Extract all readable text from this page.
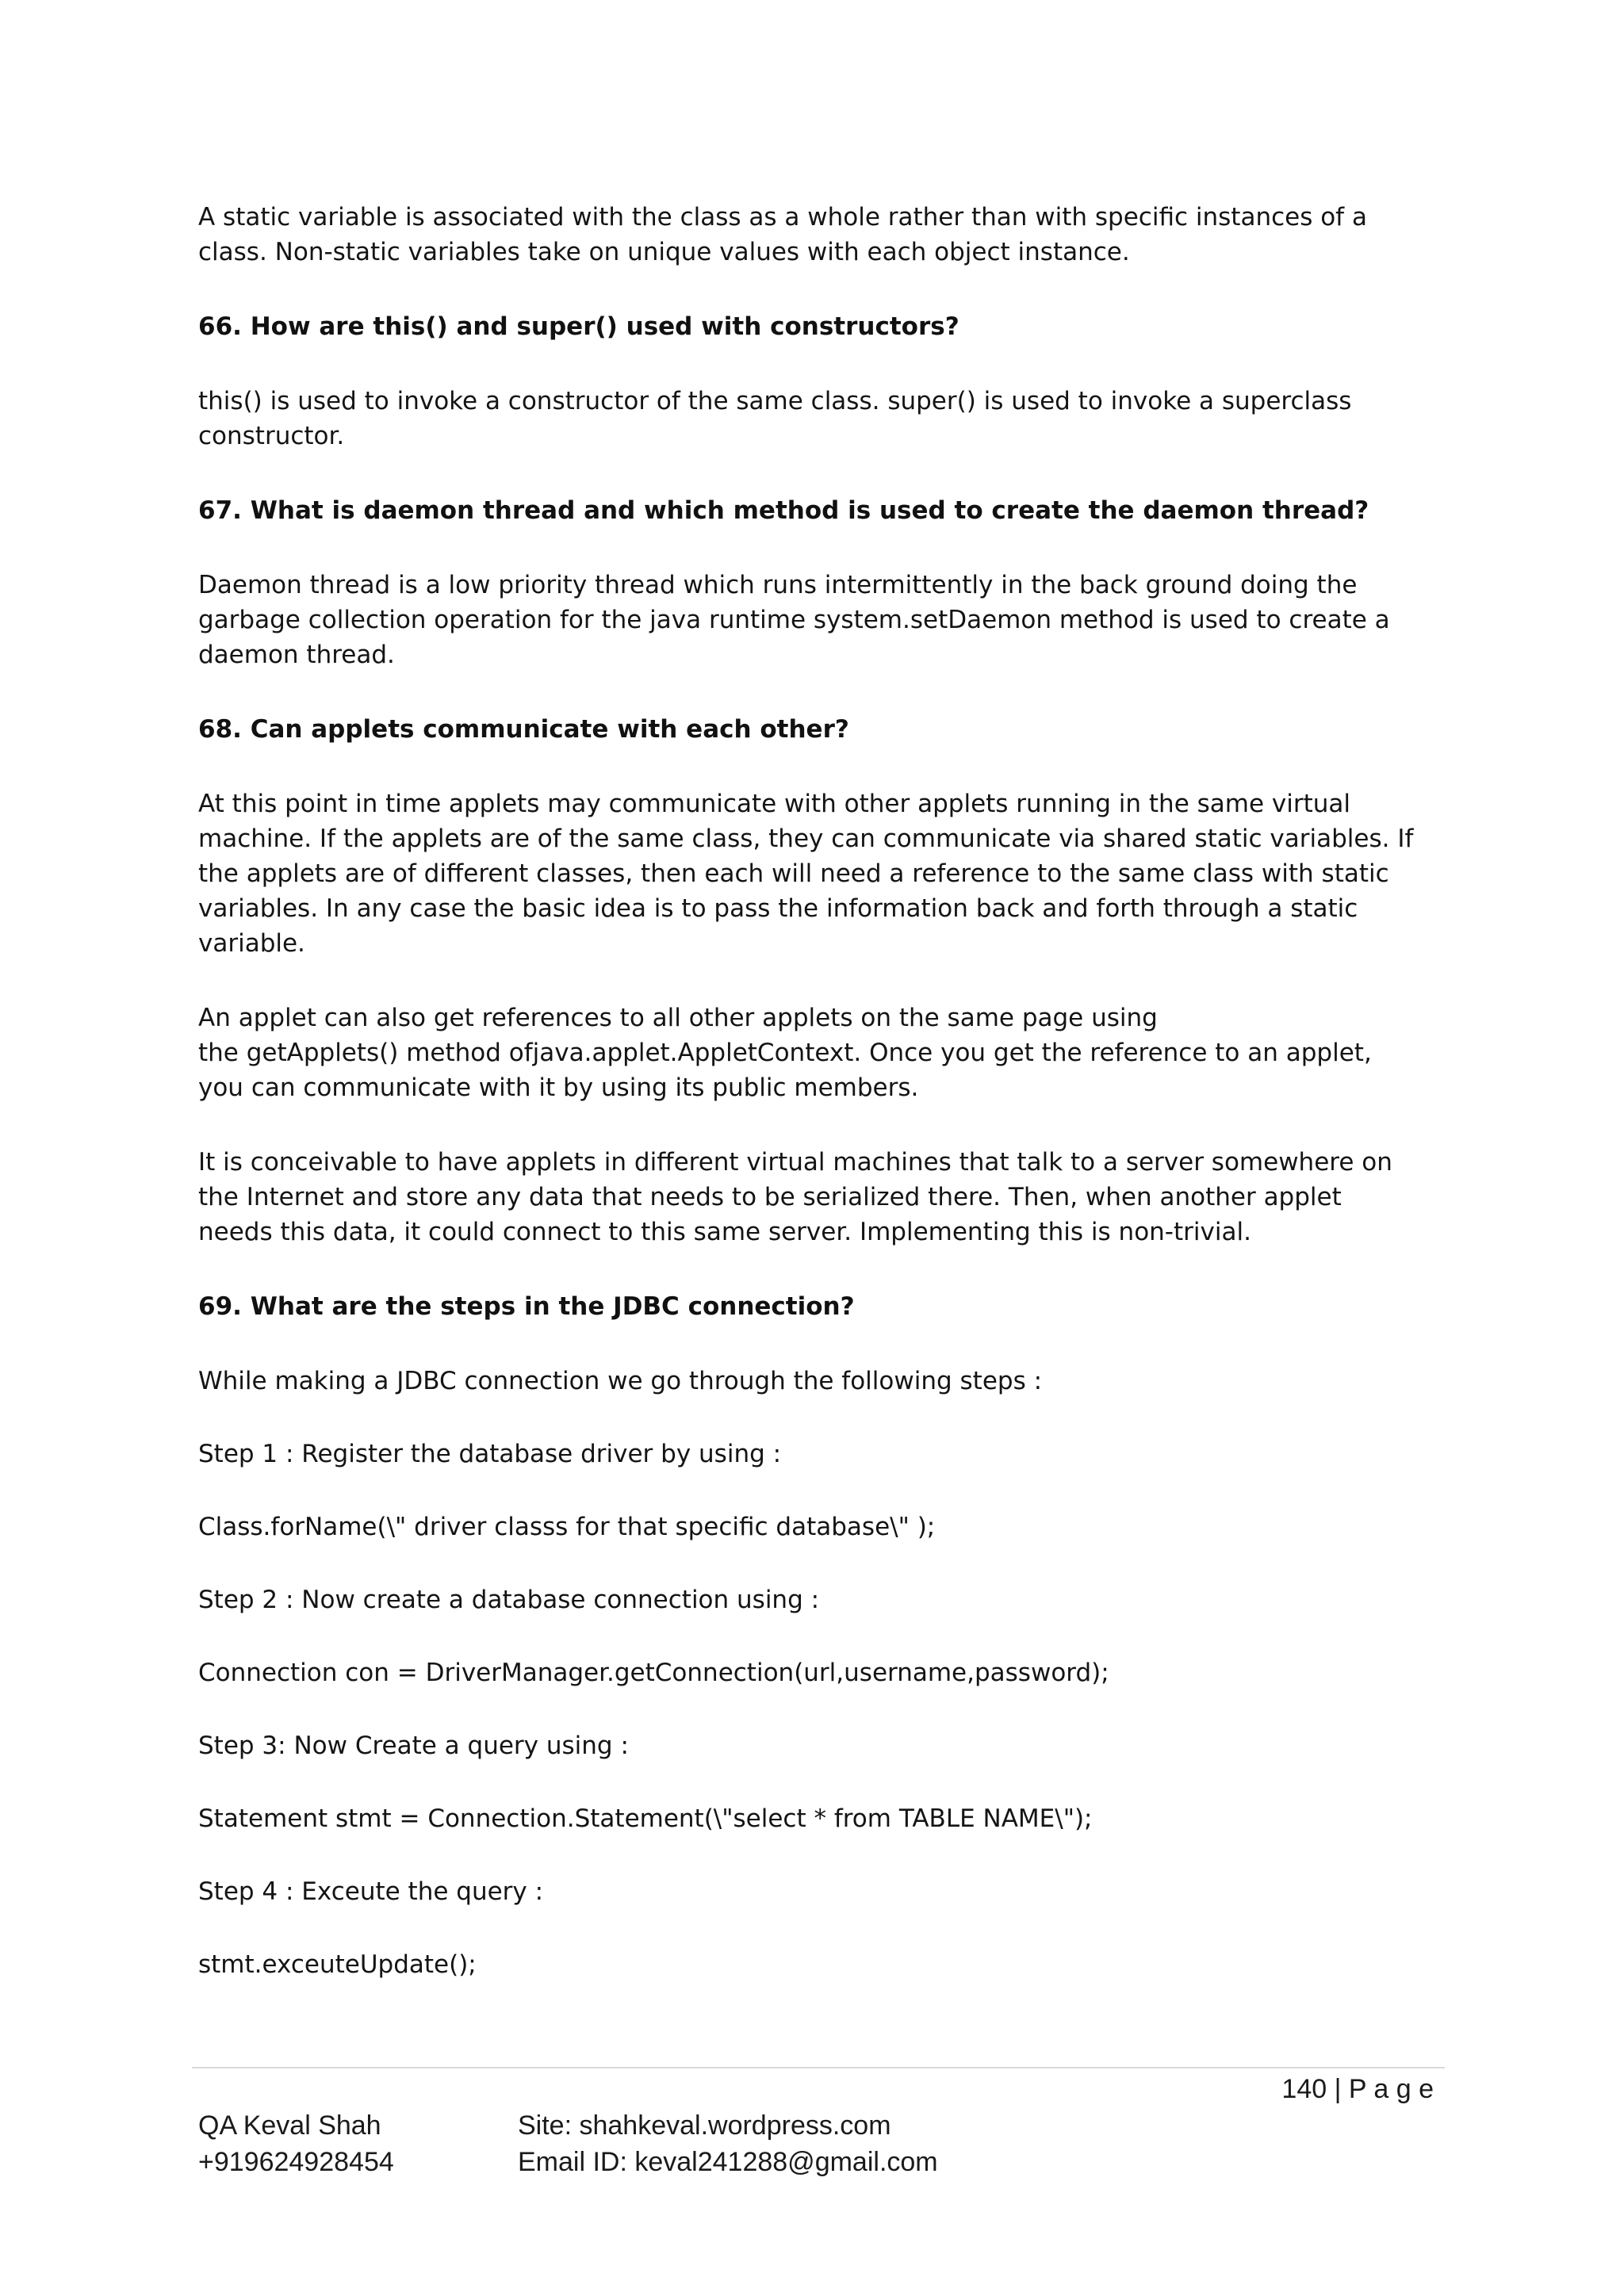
A static variable is associated with the class as a whole rather than with specific instances of a
class. Non-static variables take on unique values with each object instance.

66. How are this() and super() used with constructors?

this() is used to invoke a constructor of the same class. super() is used to invoke a superclass
constructor.

67. What is daemon thread and which method is used to create the daemon thread?

Daemon thread is a low priority thread which runs intermittently in the back ground doing the
garbage collection operation for the java runtime system.setDaemon method is used to create a
daemon thread.

68. Can applets communicate with each other?

At this point in time applets may communicate with other applets running in the same virtual
machine. If the applets are of the same class, they can communicate via shared static variables. If
the applets are of different classes, then each will need a reference to the same class with static
variables. In any case the basic idea is to pass the information back and forth through a static
variable.

An applet can also get references to all other applets on the same page using
the getApplets() method ofjava.applet.AppletContext. Once you get the reference to an applet,
you can communicate with it by using its public members.

It is conceivable to have applets in different virtual machines that talk to a server somewhere on
the Internet and store any data that needs to be serialized there. Then, when another applet
needs this data, it could connect to this same server. Implementing this is non-trivial.

69. What are the steps in the JDBC connection?

While making a JDBC connection we go through the following steps :

Step 1 : Register the database driver by using :

Class.forName(\" driver classs for that specific database\" );

Step 2 : Now create a database connection using :

Connection con = DriverManager.getConnection(url,username,password);

Step 3: Now Create a query using :

Statement stmt = Connection.Statement(\"select * from TABLE NAME\");

Step 4 : Exceute the query :

stmt.exceuteUpdate();

140 | P a g e
QA Keval Shah
+919624928454
Site: shahkeval.wordpress.com
Email ID: keval241288@gmail.com
